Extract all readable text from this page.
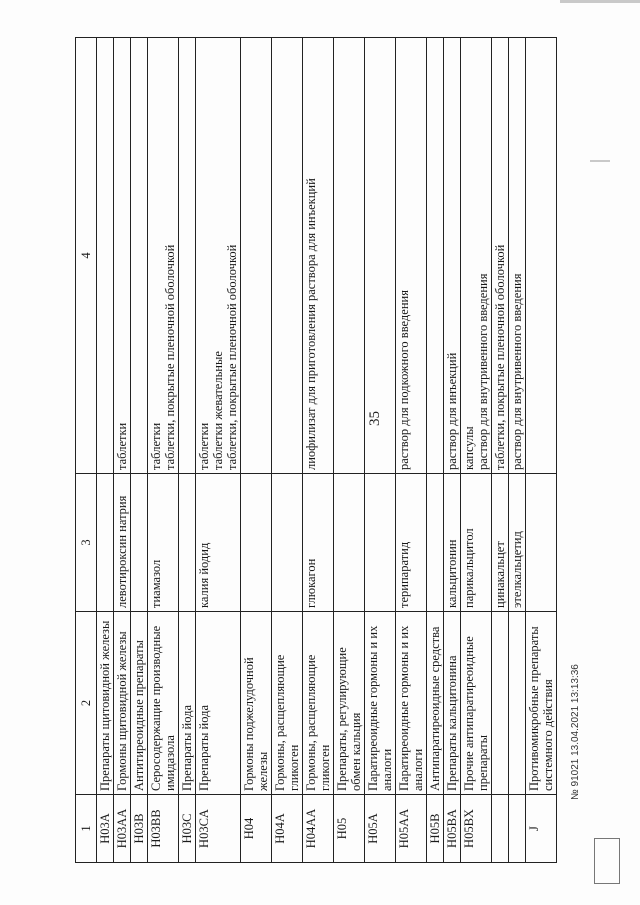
35
1	2	3	4
H03A	Препараты щитовидной железы		
H03AA	Гормоны щитовидной железы	левотироксин натрия	таблетки
H03B	Антитиреоидные препараты		
H03BB	Серосодержащие производные имидазола	тиамазол	таблетки
таблетки, покрытые пленочной оболочкой
H03C	Препараты йода		
H03CA	Препараты йода	калия йодид	таблетки
таблетки жевательные
таблетки, покрытые пленочной оболочкой
H04	Гормоны поджелудочной железы		
H04A	Гормоны, расщепляющие гликоген		
H04AA	Гормоны, расщепляющие гликоген	глюкагон	лиофилизат для приготовления раствора для инъекций
H05	Препараты, регулирующие обмен кальция		
H05A	Паратиреоидные гормоны и их аналоги		
H05AA	Паратиреоидные гормоны и их аналоги	терипаратид	раствор для подкожного введения
H05B	Антипаратиреоидные средства		
H05BA	Препараты кальцитонина	кальцитонин	раствор для инъекций
H05BX	Прочие антипаратиреоидные препараты	парикальцитол	капсулы
раствор для внутривенного введения
		цинакальцет	таблетки, покрытые пленочной оболочкой
		этелкальцетид	раствор для внутривенного введения
J	Противомикробные препараты системного действия		№ 91021 13.04.2021 13:13:36
